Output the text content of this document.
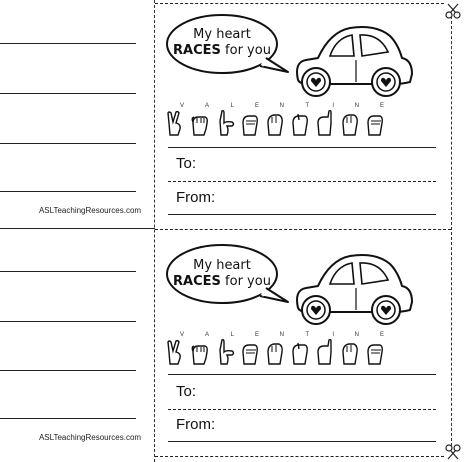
ASLTeachingResources.com
ASLTeachingResources.com
My heart
RACES for you
V	A	L	E	N	T	I	N	E
To:
From:
My heart
RACES for you
V	A	L	E	N	T	I	N	E
To:
From:
